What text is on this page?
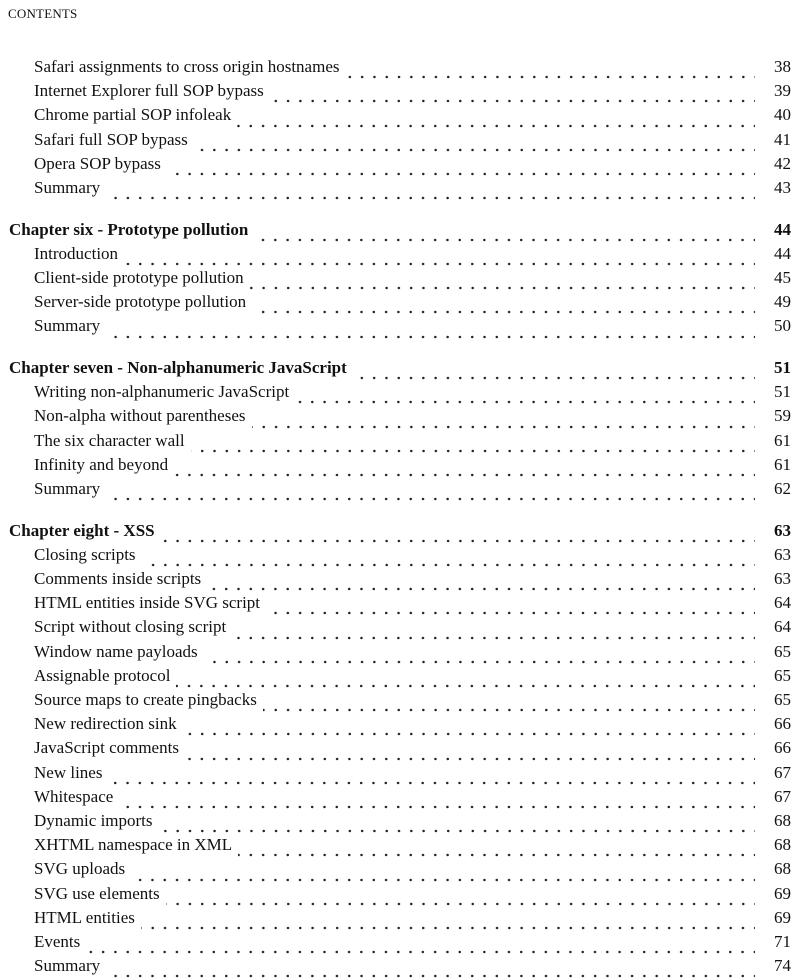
CONTENTS
Safari assignments to cross origin hostnames	38
Internet Explorer full SOP bypass	39
Chrome partial SOP infoleak	40
Safari full SOP bypass	41
Opera SOP bypass	42
Summary	43
Chapter six - Prototype pollution	44
Introduction	44
Client-side prototype pollution	45
Server-side prototype pollution	49
Summary	50
Chapter seven - Non-alphanumeric JavaScript	51
Writing non-alphanumeric JavaScript	51
Non-alpha without parentheses	59
The six character wall	61
Infinity and beyond	61
Summary	62
Chapter eight - XSS	63
Closing scripts	63
Comments inside scripts	63
HTML entities inside SVG script	64
Script without closing script	64
Window name payloads	65
Assignable protocol	65
Source maps to create pingbacks	65
New redirection sink	66
JavaScript comments	66
New lines	67
Whitespace	67
Dynamic imports	68
XHTML namespace in XML	68
SVG uploads	68
SVG use elements	69
HTML entities	69
Events	71
Summary	74
